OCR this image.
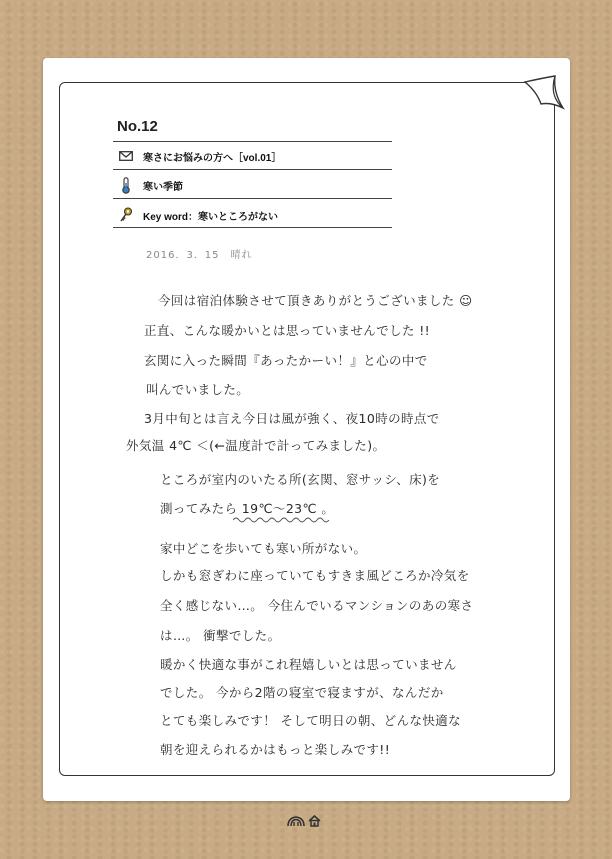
No.12
寒さにお悩みの方へ［vol.01］
寒い季節
Key word：寒いところがない
2016．3．15　晴れ
今回は宿泊体験させて頂きありがとうございました ☺
正直、こんな暖かいとは思っていませんでした !!
玄関に入った瞬間『あったかーい！』と心の中で
叫んでいました。
3月中旬とは言え今日は風が強く、夜10時の時点で
外気温 4℃ ＜(←温度計で計ってみました)。
ところが室内のいたる所(玄関、窓サッシ、床)を
測ってみたら 19℃～23℃ 。
家中どこを歩いても寒い所がない。
しかも窓ぎわに座っていてもすきま風どころか冷気を
全く感じない…。 今住んでいるマンションのあの寒さ
は…。 衝撃でした。
暖かく快適な事がこれ程嬉しいとは思っていません
でした。 今から2階の寝室で寝ますが、なんだか
とても楽しみです！ そして明日の朝、どんな快適な
朝を迎えられるかはもっと楽しみです!!
